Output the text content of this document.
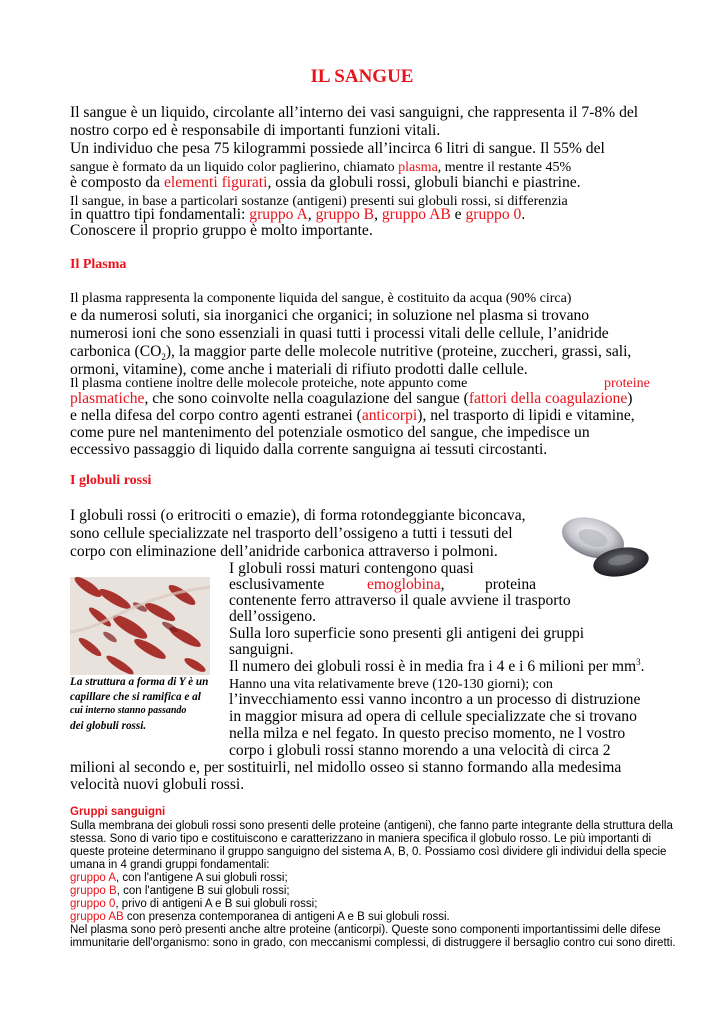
IL SANGUE
Il sangue è un liquido, circolante all’interno dei vasi sanguigni, che rappresenta il 7-8% del
nostro corpo ed è responsabile di importanti funzioni vitali.
Un individuo che pesa 75 kilogrammi possiede all’incirca 6 litri di sangue. Il 55% del
sangue è formato da un liquido color paglierino, chiamato plasma, mentre il restante 45%
è composto da elementi figurati, ossia da globuli rossi, globuli bianchi e piastrine.
Il sangue, in base a particolari sostanze (antigeni) presenti sui globuli rossi, si differenzia
in quattro tipi fondamentali: gruppo A, gruppo B, gruppo AB e gruppo 0.
Conoscere il proprio gruppo è molto importante.
Il Plasma
Il plasma rappresenta la componente liquida del sangue, è costituito da acqua (90% circa)
e da numerosi soluti, sia inorganici che organici; in soluzione nel plasma si trovano
numerosi ioni che sono essenziali in quasi tutti i processi vitali delle cellule, l’anidride
carbonica $(CO_2)$, la maggior parte delle molecole nutritive (proteine, zuccheri, grassi, sali,
ormoni, vitamine), come anche i materiali di rifiuto prodotti dalle cellule.
Il plasma contiene inoltre delle molecole proteiche, note appunto come	proteine
plasmatiche, che sono coinvolte nella coagulazione del sangue (fattori della coagulazione)
e nella difesa del corpo contro agenti estranei (anticorpi), nel trasporto di lipidi e vitamine,
come pure nel mantenimento del potenziale osmotico del sangue, che impedisce un
eccessivo passaggio di liquido dalla corrente sanguigna ai tessuti circostanti.
I globuli rossi
I globuli rossi (o eritrociti o emazie), di forma rotondeggiante biconcava,
sono cellule specializzate nel trasporto dell’ossigeno a tutti i tessuti del
corpo con eliminazione dell’anidride carbonica attraverso i polmoni.
La struttura a forma di Y è un
capillare che si ramifica e al
cui interno stanno passando
dei globuli rossi.
I globuli rossi maturi contengono quasi
esclusivamente	emoglobina,	proteina
contenente ferro attraverso il quale avviene il trasporto
dell’ossigeno.
Sulla loro superficie sono presenti gli antigeni dei gruppi
sanguigni.
Il numero dei globuli rossi è in media fra i 4 e i 6 milioni per $mm^3$.
Hanno una vita relativamente breve (120-130 giorni); con
l’invecchiamento essi vanno incontro a un processo di distruzione
in maggior misura ad opera di cellule specializzate che si trovano
nella milza e nel fegato. In questo preciso momento, ne l vostro
corpo i globuli rossi stanno morendo a una velocità di circa 2
milioni al secondo e, per sostituirli, nel midollo osseo si stanno formando alla medesima
velocità nuovi globuli rossi.
Gruppi sanguigni
Sulla membrana dei globuli rossi sono presenti delle proteine (antigeni), che fanno parte integrante della struttura della
stessa. Sono di vario tipo e costituiscono e caratterizzano in maniera specifica il globulo rosso. Le più importanti di
queste proteine determinano il gruppo sanguigno del sistema A, B, 0. Possiamo così dividere gli individui della specie
umana in 4 grandi gruppi fondamentali:
gruppo A, con l'antigene A sui globuli rossi;
gruppo B, con l'antigene B sui globuli rossi;
gruppo 0, privo di antigeni A e B sui globuli rossi;
gruppo AB con presenza contemporanea di antigeni A e B sui globuli rossi.
Nel plasma sono però presenti anche altre proteine (anticorpi). Queste sono componenti importantissimi delle difese
immunitarie dell'organismo: sono in grado, con meccanismi complessi, di distruggere il bersaglio contro cui sono diretti.
